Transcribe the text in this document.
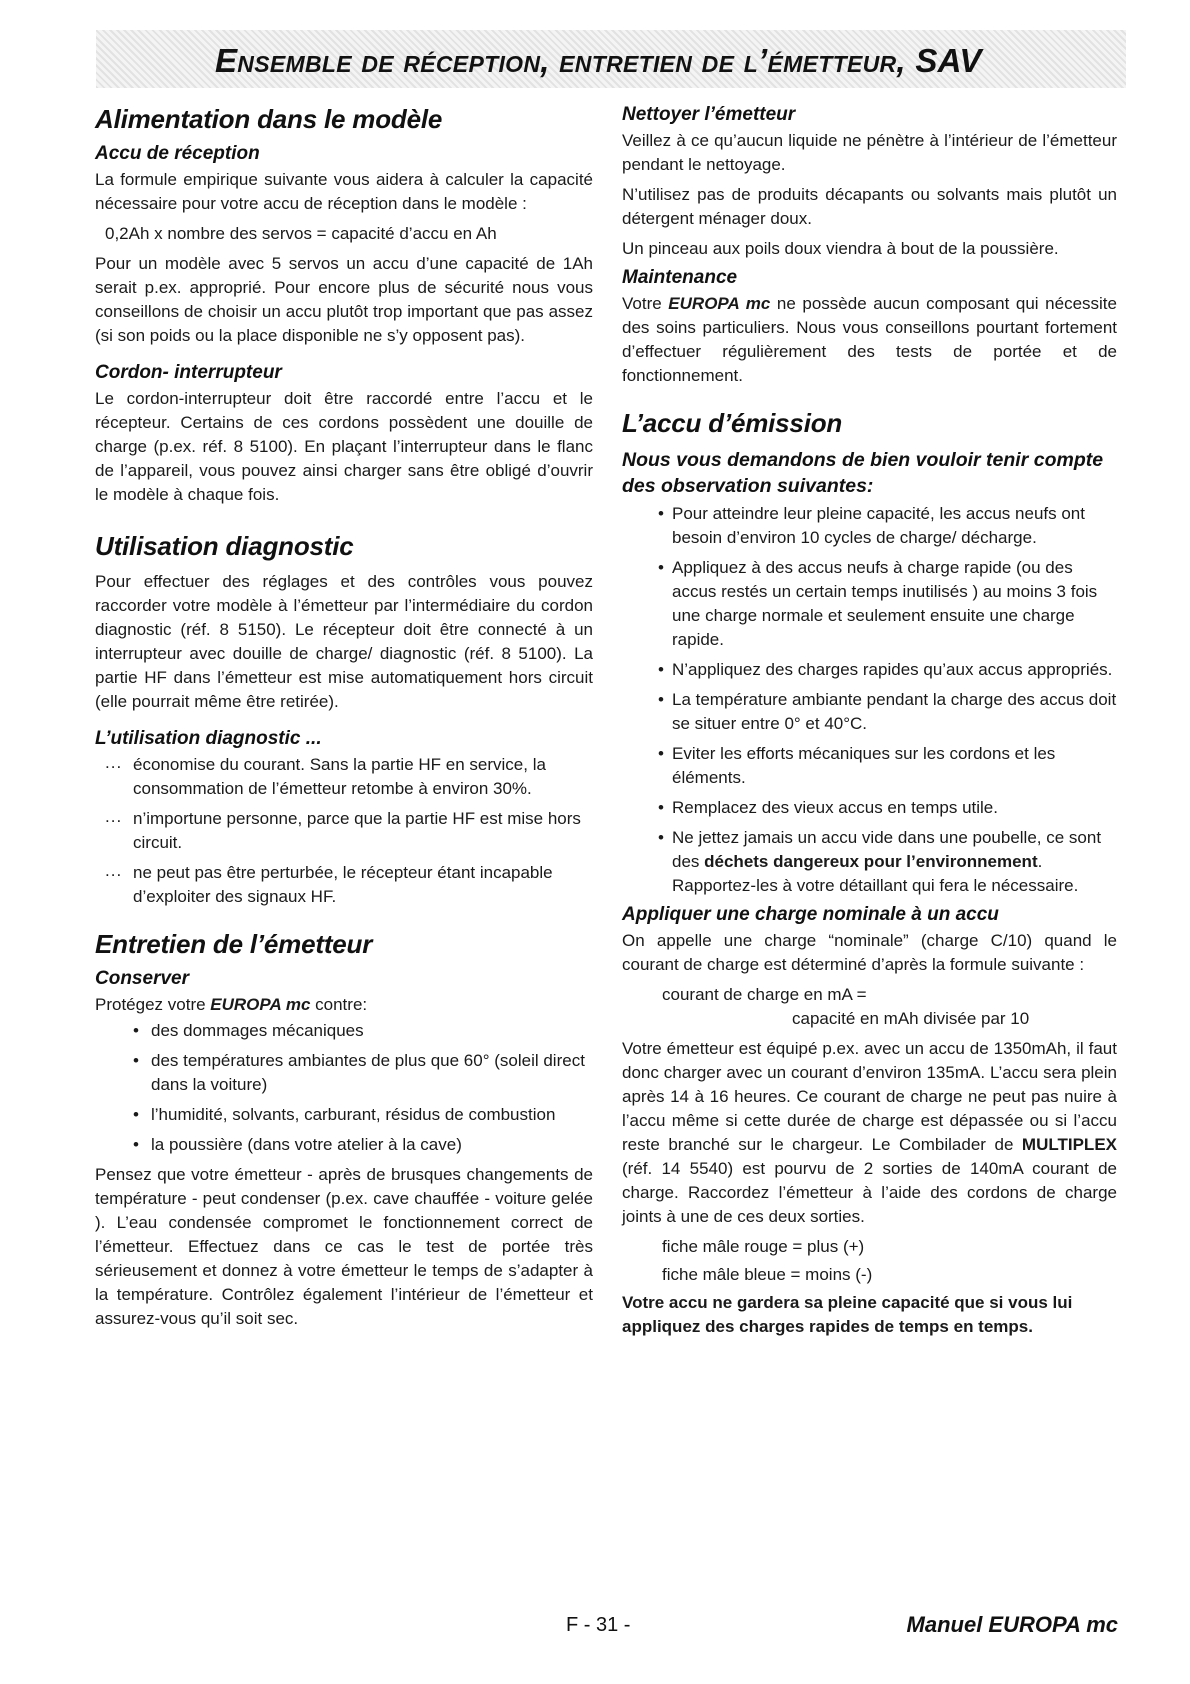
Ensemble de réception, entretien de l’émetteur, SAV
Alimentation dans le modèle
Accu de réception

La formule empirique suivante vous aidera à calculer la capacité nécessaire pour votre accu de réception dans le modèle :

0,2Ah x nombre des servos = capacité d’accu en Ah

Pour un modèle avec 5 servos un accu d’une capacité de 1Ah serait p.ex. approprié. Pour encore plus de sécurité nous vous conseillons de choisir un accu plutôt trop important que pas assez (si son poids ou la place disponible ne s’y opposent pas).

Cordon- interrupteur

Le cordon-interrupteur doit être raccordé entre l’accu et le récepteur. Certains de ces cordons possèdent une douille de charge (p.ex. réf. 8 5100). En plaçant l’interrupteur dans le flanc de l’appareil, vous pouvez ainsi charger sans être obligé d’ouvrir le modèle à chaque fois.

Utilisation diagnostic

Pour effectuer des réglages et des contrôles vous pouvez raccorder votre modèle à l’émetteur par l’intermédiaire du cordon diagnostic (réf. 8 5150). Le récepteur doit être connecté à un interrupteur avec douille de charge/ diagnostic (réf. 8 5100). La partie HF dans l’émetteur est mise automatiquement hors circuit (elle pourrait même être retirée).

L’utilisation diagnostic ...
... économise du courant. Sans la partie HF en service, la consommation de l’émetteur retombe à environ 30%.
... n’importune personne, parce que la partie HF est mise hors circuit.
... ne peut pas être perturbée, le récepteur étant incapable d’exploiter des signaux HF.
Entretien de l’émetteur
Conserver

Protégez votre EUROPA mc contre:

• des dommages mécaniques
• des températures ambiantes de plus que 60° (soleil direct dans la voiture)
• l’humidité, solvants, carburant, résidus de combustion
• la poussière (dans votre atelier à la cave)

Pensez que votre émetteur - après de brusques changements de température - peut condenser (p.ex. cave chauffée - voiture gelée ). L’eau condensée compromet le fonctionnement correct de l’émetteur. Effectuez dans ce cas le test de portée très sérieusement et donnez à votre émetteur le temps de s’adapter à la température. Contrôlez également l’intérieur de l’émetteur et assurez-vous qu’il soit sec.

Nettoyer l’émetteur

Veillez à ce qu’aucun liquide ne pénètre à l’intérieur de l’émetteur pendant le nettoyage.

N’utilisez pas de produits décapants ou solvants mais plutôt un détergent ménager doux.

Un pinceau aux poils doux viendra à bout de la poussière.

Maintenance

Votre EUROPA mc ne possède aucun composant qui nécessite des soins particuliers. Nous vous conseillons pourtant fortement d’effectuer régulièrement des tests de portée et de fonctionnement.

L’accu d’émission
Nous vous demandons de bien vouloir tenir compte des observation suivantes:
• Pour atteindre leur pleine capacité, les accus neufs ont besoin d’environ 10 cycles de charge/ décharge.
• Appliquez à des accus neufs à charge rapide (ou des accus restés un certain temps inutilisés ) au moins 3 fois une charge normale et seulement ensuite une charge rapide.
• N’appliquez des charges rapides qu’aux accus appropriés.
• La température ambiante pendant la charge des accus doit se situer entre 0° et 40°C.
• Eviter les efforts mécaniques sur les cordons et les éléments.
• Remplacez des vieux accus en temps utile.
• Ne jettez jamais un accu vide dans une poubelle, ce sont des déchets dangereux pour l’environnement. Rapportez-les à votre détaillant qui fera le nécessaire.
Appliquer une charge nominale à un accu

On appelle une charge “nominale” (charge C/10) quand le courant de charge est déterminé d’après la formule suivante :

courant de charge en mA =

capacité en mAh divisée par 10

Votre émetteur est équipé p.ex. avec un accu de 1350mAh, il faut donc charger avec un courant d’environ 135mA. L’accu sera plein après 14 à 16 heures. Ce courant de charge ne peut pas nuire à l’accu même si cette durée de charge est dépassée ou si l’accu reste branché sur le chargeur. Le Combilader de MULTIPLEX (réf. 14 5540) est pourvu de 2 sorties de 140mA courant de charge. Raccordez l’émetteur à l’aide des cordons de charge joints à une de ces deux sorties.

fiche mâle rouge = plus (+)

fiche mâle bleue = moins (-)

Votre accu ne gardera sa pleine capacité que si vous lui appliquez des charges rapides de temps en temps.

F - 31 -	Manuel EUROPA mc
